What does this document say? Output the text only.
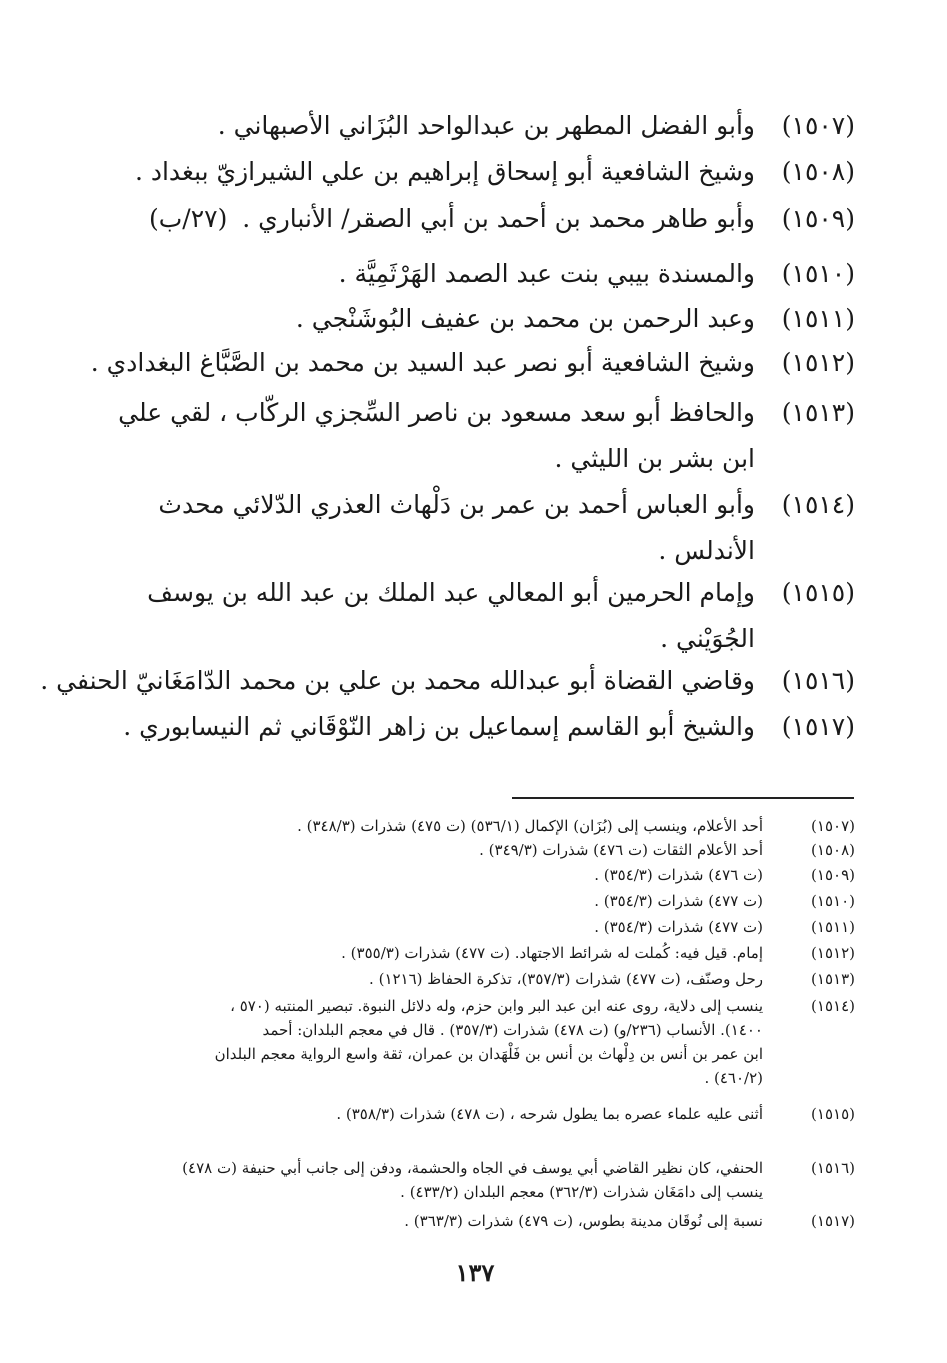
(١٥٠٧)
وأبو الفضل المطهر بن عبدالواحد البُزَاني الأصبهاني .
(١٥٠٨)
وشيخ الشافعية أبو إسحاق إبراهيم بن علي الشيرازيّ ببغداد .
(١٥٠٩)
وأبو طاهر محمد بن أحمد بن أبي الصقر/ الأنباري .
(٢٧/ب)
(١٥١٠)
والمسندة بيبي بنت عبد الصمد الهَرْثَمِيَّة .
(١٥١١)
وعبد الرحمن بن محمد بن عفيف البُوشَنْجي .
(١٥١٢)
وشيخ الشافعية أبو نصر عبد السيد بن محمد بن الصَّبَّاغ البغدادي .
(١٥١٣)
والحافظ أبو سعد مسعود بن ناصر السِّجزي الركّاب ، لقي علي
ابن بشر بن الليثي .
(١٥١٤)
وأبو العباس أحمد بن عمر بن دَلْهاث العذري الدّلائي محدث
الأندلس .
(١٥١٥)
وإمام الحرمين أبو المعالي عبد الملك بن عبد الله بن يوسف
الجُوَيْني .
(١٥١٦)
وقاضي القضاة أبو عبدالله محمد بن علي بن محمد الدّامَغَانيّ الحنفي .
(١٥١٧)
والشيخ أبو القاسم إسماعيل بن زاهر النّوْقَاني ثم النيسابوري .
(١٥٠٧)
أحد الأعلام، وينسب إلى (بُزَان) الإكمال (٥٣٦/١) (ت ٤٧٥) شذرات (٣٤٨/٣) .
(١٥٠٨)
أحد الأعلام الثقات (ت ٤٧٦) شذرات (٣٤٩/٣) .
(١٥٠٩)
(ت ٤٧٦) شذرات (٣٥٤/٣) .
(١٥١٠)
(ت ٤٧٧) شذرات (٣٥٤/٣) .
(١٥١١)
(ت ٤٧٧) شذرات (٣٥٤/٣) .
(١٥١٢)
إمام. قيل فيه: كُملت له شرائط الاجتهاد. (ت ٤٧٧) شذرات (٣٥٥/٣) .
(١٥١٣)
رحل وصنّف، (ت ٤٧٧) شذرات (٣٥٧/٣)، تذكرة الحفاظ (١٢١٦) .
(١٥١٤)
ينسب إلى دلاية، روى عنه ابن عبد البر وابن حزم، وله دلائل النبوة. تبصير المنتبه (٥٧٠ ،
١٤٠٠). الأنساب (٢٣٦/و) (ت ٤٧٨) شذرات (٣٥٧/٣) . قال في معجم البلدان: أحمد
ابن عمر بن أنس بن دِلْهاث بن أنس بن فَلْهَدان بن عمران، ثقة واسع الرواية معجم البلدان
(٤٦٠/٢) .
(١٥١٥)
أثنى عليه علماء عصره بما يطول شرحه ، (ت ٤٧٨) شذرات (٣٥٨/٣) .
(١٥١٦)
الحنفي، كان نظير القاضي أبي يوسف في الجاه والحشمة، ودفن إلى جانب أبي حنيفة (ت ٤٧٨)
ينسب إلى دامَغَان شذرات (٣٦٢/٣) معجم البلدان (٤٣٣/٢) .
(١٥١٧)
نسبة إلى نُوقَان مدينة بطوس، (ت ٤٧٩) شذرات (٣٦٣/٣) .
١٣٧
